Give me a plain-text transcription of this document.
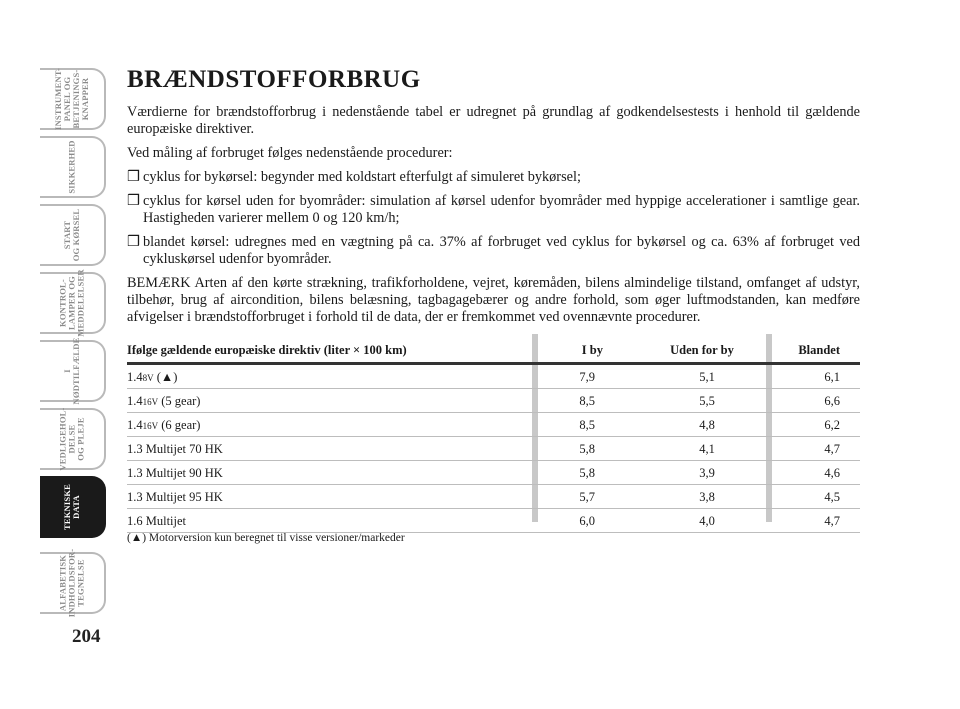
INSTRUMENT- PANEL OG BETJENINGS- KNAPPER
SIKKERHED
START OG KØRSEL
KONTROL- LAMPER OG MEDDELELSER
I NØDTILFÆLDE
VEDLIGEHOL- DELSE OG PLEJE
TEKNISKE DATA
ALFABETISK INDHOLDSFOR- TEGNELSE
204
BRÆNDSTOFFORBRUG

Værdierne for brændstofforbrug i nedenstående tabel er udregnet på grundlag af godkendelsestests i henhold til gældende europæiske direktiver.

Ved måling af forbruget følges nedenstående procedurer:

❒ cyklus for bykørsel: begynder med koldstart efterfulgt af simuleret bykørsel;
❒ cyklus for kørsel uden for byområder: simulation af kørsel udenfor byområder med hyppige accelerationer i samtlige gear. Hastigheden varierer mellem 0 og 120 km/h;
❒ blandet kørsel: udregnes med en vægtning på ca. 37% af forbruget ved cyklus for bykørsel og ca. 63% af forbruget ved cykluskørsel udenfor byområder.

BEMÆRK Arten af den kørte strækning, trafikforholdene, vejret, køremåden, bilens almindelige tilstand, omfanget af udstyr, tilbehør, brug af aircondition, bilens belæsning, tagbagagebærer og andre forhold, som øger luftmodstanden, kan medføre afvigelser i brændstofforbruget i forhold til de data, der er fremkommet ved ovennævnte procedurer.

Ifølge gældende europæiske direktiv (liter × 100 km)	I by	Uden for by	Blandet
1.48V (▲)	7,9	5,1	6,1
1.416V (5 gear)	8,5	5,5	6,6
1.416V (6 gear)	8,5	4,8	6,2
1.3 Multijet 70 HK	5,8	4,1	4,7
1.3 Multijet 90 HK	5,8	3,9	4,6
1.3 Multijet 95 HK	5,7	3,8	4,5
1.6 Multijet	6,0	4,0	4,7
(▲) Motorversion kun beregnet til visse versioner/markeder
